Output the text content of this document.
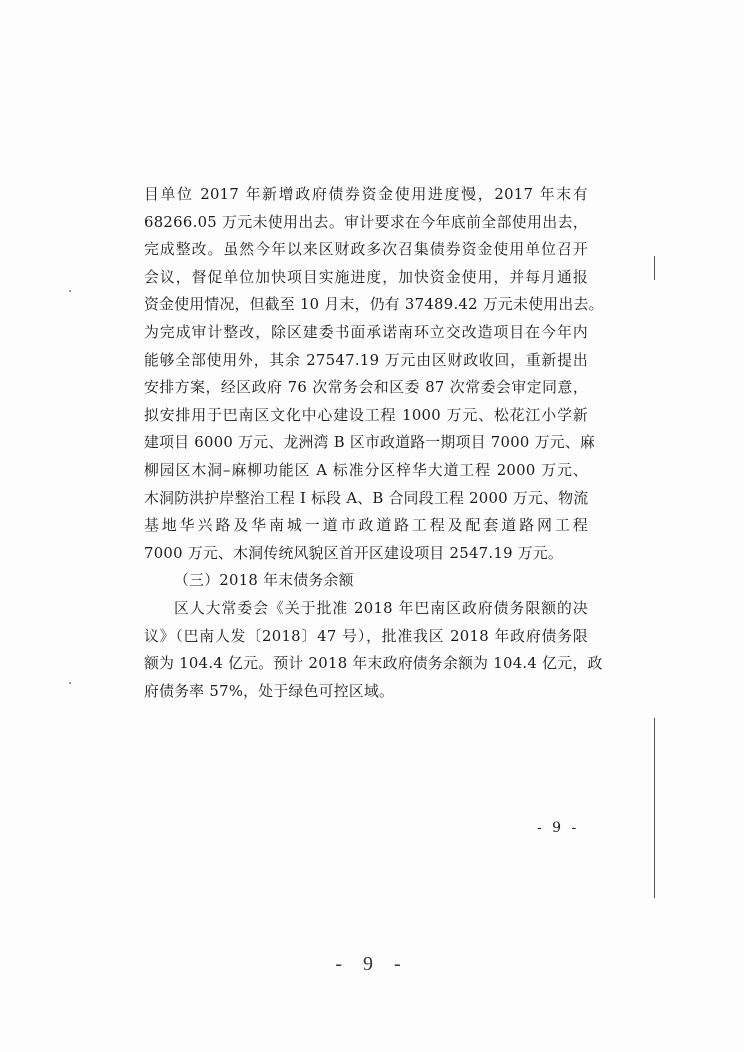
目单位 2017 年新增政府债券资金使用进度慢，2017 年末有
68266.05 万元未使用出去。审计要求在今年底前全部使用出去，
完成整改。虽然今年以来区财政多次召集债券资金使用单位召开
会议，督促单位加快项目实施进度，加快资金使用，并每月通报
资金使用情况，但截至 10 月末，仍有 37489.42 万元未使用出去。
为完成审计整改，除区建委书面承诺南环立交改造项目在今年内
能够全部使用外，其余 27547.19 万元由区财政收回，重新提出
安排方案，经区政府 76 次常务会和区委 87 次常委会审定同意，
拟安排用于巴南区文化中心建设工程 1000 万元、松花江小学新
建项目 6000 万元、龙洲湾 B 区市政道路一期项目 7000 万元、麻
柳园区木洞–麻柳功能区 A 标准分区梓华大道工程 2000 万元、
木洞防洪护岸整治工程 I 标段 A、B 合同段工程 2000 万元、物流
基地华兴路及华南城一道市政道路工程及配套道路网工程
7000 万元、木洞传统风貌区首开区建设项目 2547.19 万元。
（三）2018 年末债务余额
区人大常委会《关于批准 2018 年巴南区政府债务限额的决
议》（巴南人发〔2018〕47 号），批准我区 2018 年政府债务限
额为 104.4 亿元。预计 2018 年末政府债务余额为 104.4 亿元，政
府债务率 57%，处于绿色可控区域。
- 9 -
- 9 -
